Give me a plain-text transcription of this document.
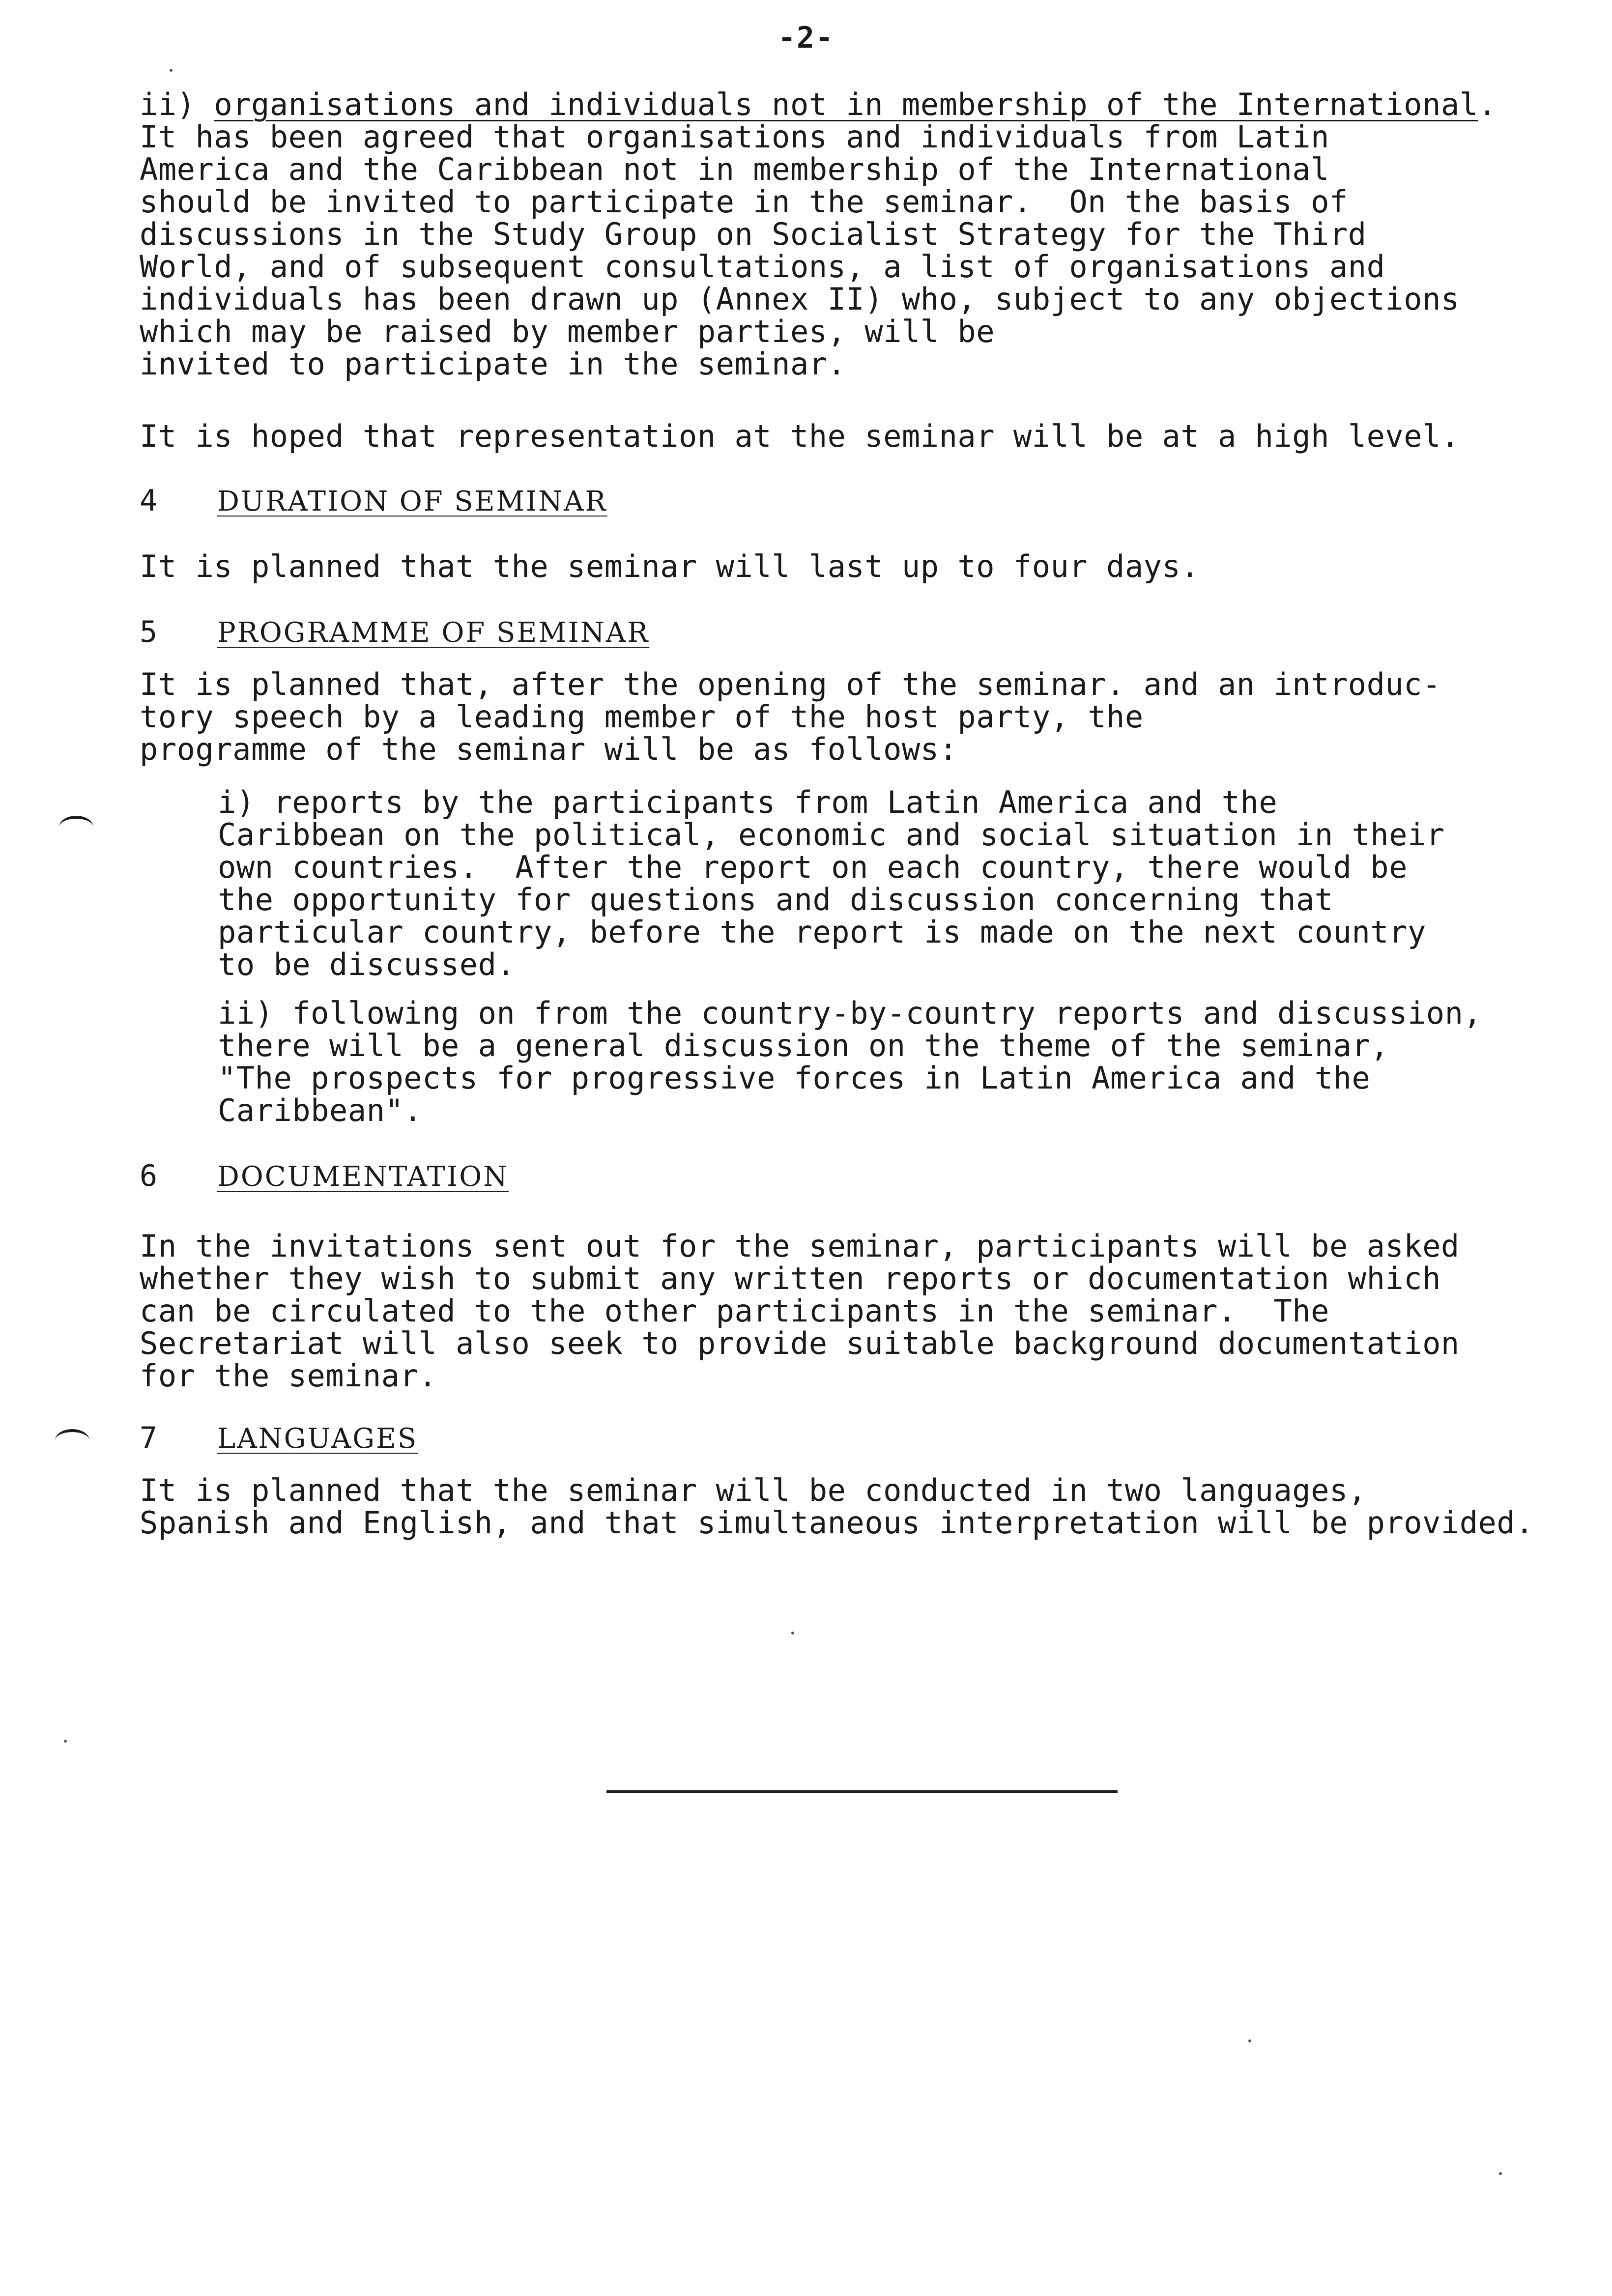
-2-
ii) organisations and individuals not in membership of the International.
It has been agreed that organisations and individuals from Latin
America and the Caribbean not in membership of the International
should be invited to participate in the seminar.  On the basis of
discussions in the Study Group on Socialist Strategy for the Third
World, and of subsequent consultations, a list of organisations and
individuals has been drawn up (Annex II) who, subject to any objections
which may be raised by member parties, will be
invited to participate in the seminar.
It is hoped that representation at the seminar will be at a high level.
4 DURATION OF SEMINAR
It is planned that the seminar will last up to four days.
5 PROGRAMME OF SEMINAR
It is planned that, after the opening of the seminar. and an introduc-
tory speech by a leading member of the host party, the
programme of the seminar will be as follows:
i) reports by the participants from Latin America and the
Caribbean on the political, economic and social situation in their
own countries.  After the report on each country, there would be
the opportunity for questions and discussion concerning that
particular country, before the report is made on the next country
to be discussed.
ii) following on from the country-by-country reports and discussion,
there will be a general discussion on the theme of the seminar,
"The prospects for progressive forces in Latin America and the
Caribbean".
6 DOCUMENTATION
In the invitations sent out for the seminar, participants will be asked
whether they wish to submit any written reports or documentation which
can be circulated to the other participants in the seminar.  The
Secretariat will also seek to provide suitable background documentation
for the seminar.
7 LANGUAGES
It is planned that the seminar will be conducted in two languages,
Spanish and English, and that simultaneous interpretation will be provided.
